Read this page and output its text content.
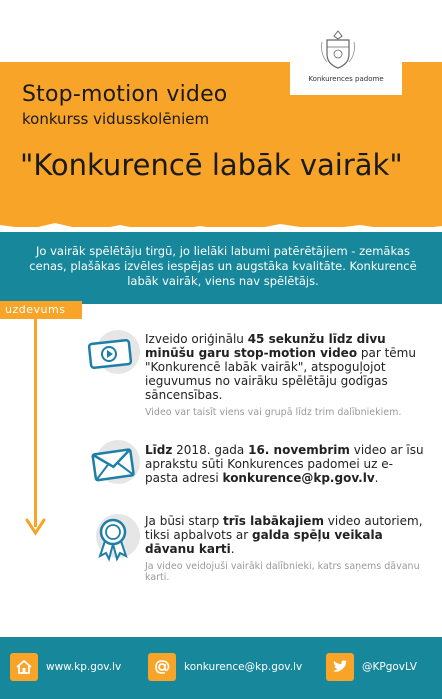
Konkurences padome
Stop-motion video
konkurss vidusskolēniem
"Konkurencē labāk vairāk"
Jo vairāk spēlētāju tirgū, jo lielāki labumi patērētājiem - zemākas cenas, plašākas izvēles iespējas un augstāka kvalitāte. Konkurencē labāk vairāk, viens nav spēlētājs.
uzdevums
Izveido oriģinālu 45 sekunžu līdz divu minūšu garu stop-motion video par tēmu "Konkurencē labāk vairāk", atspoguļojot ieguvumus no vairāku spēlētāju godīgas sāncensības.
Video var taisīt viens vai grupā līdz trim dalībniekiem.
Līdz 2018. gada 16. novembrim video ar īsu aprakstu sūti Konkurences padomei uz e-pasta adresi konkurence@kp.gov.lv.
Ja būsi starp trīs labākajiem video autoriem, tiksi apbalvots ar galda spēļu veikala dāvanu karti.
Ja video veidojuši vairāki dalībnieki, katrs saņems dāvanu karti.
www.kp.gov.lv	konkurence@kp.gov.lv	@KPgovLV
